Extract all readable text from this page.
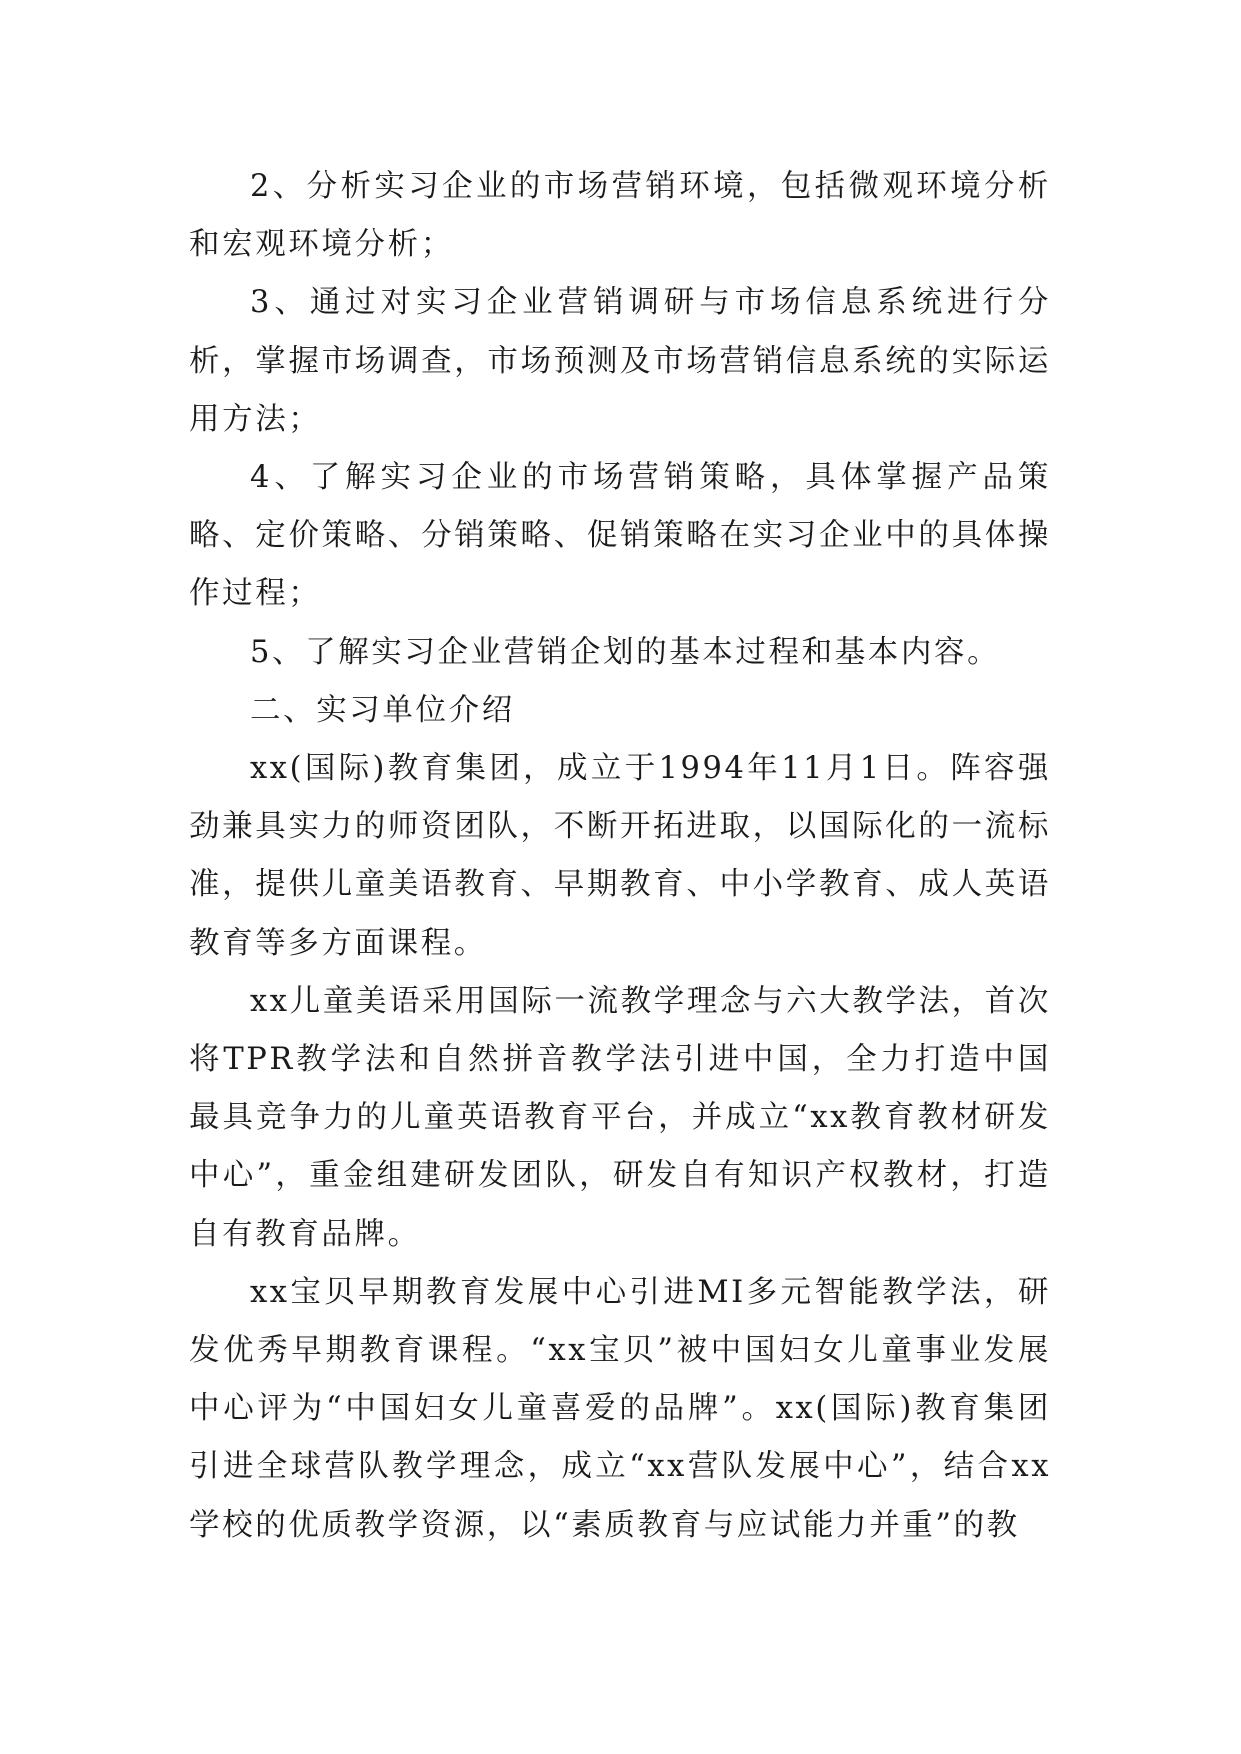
2、分析实习企业的市场营销环境，包括微观环境分析和宏观环境分析；

3、通过对实习企业营销调研与市场信息系统进行分析，掌握市场调查，市场预测及市场营销信息系统的实际运用方法；

4、了解实习企业的市场营销策略，具体掌握产品策略、定价策略、分销策略、促销策略在实习企业中的具体操作过程；

5、了解实习企业营销企划的基本过程和基本内容。

二、实习单位介绍

xx(国际)教育集团，成立于1994年11月1日。阵容强劲兼具实力的师资团队，不断开拓进取，以国际化的一流标准，提供儿童美语教育、早期教育、中小学教育、成人英语教育等多方面课程。

xx儿童美语采用国际一流教学理念与六大教学法，首次将TPR教学法和自然拼音教学法引进中国，全力打造中国最具竞争力的儿童英语教育平台，并成立“xx教育教材研发中心”，重金组建研发团队，研发自有知识产权教材，打造自有教育品牌。

xx宝贝早期教育发展中心引进MI多元智能教学法，研发优秀早期教育课程。“xx宝贝”被中国妇女儿童事业发展中心评为“中国妇女儿童喜爱的品牌”。xx(国际)教育集团引进全球营队教学理念，成立“xx营队发展中心”，结合xx学校的优质教学资源，以“素质教育与应试能力并重”的教
